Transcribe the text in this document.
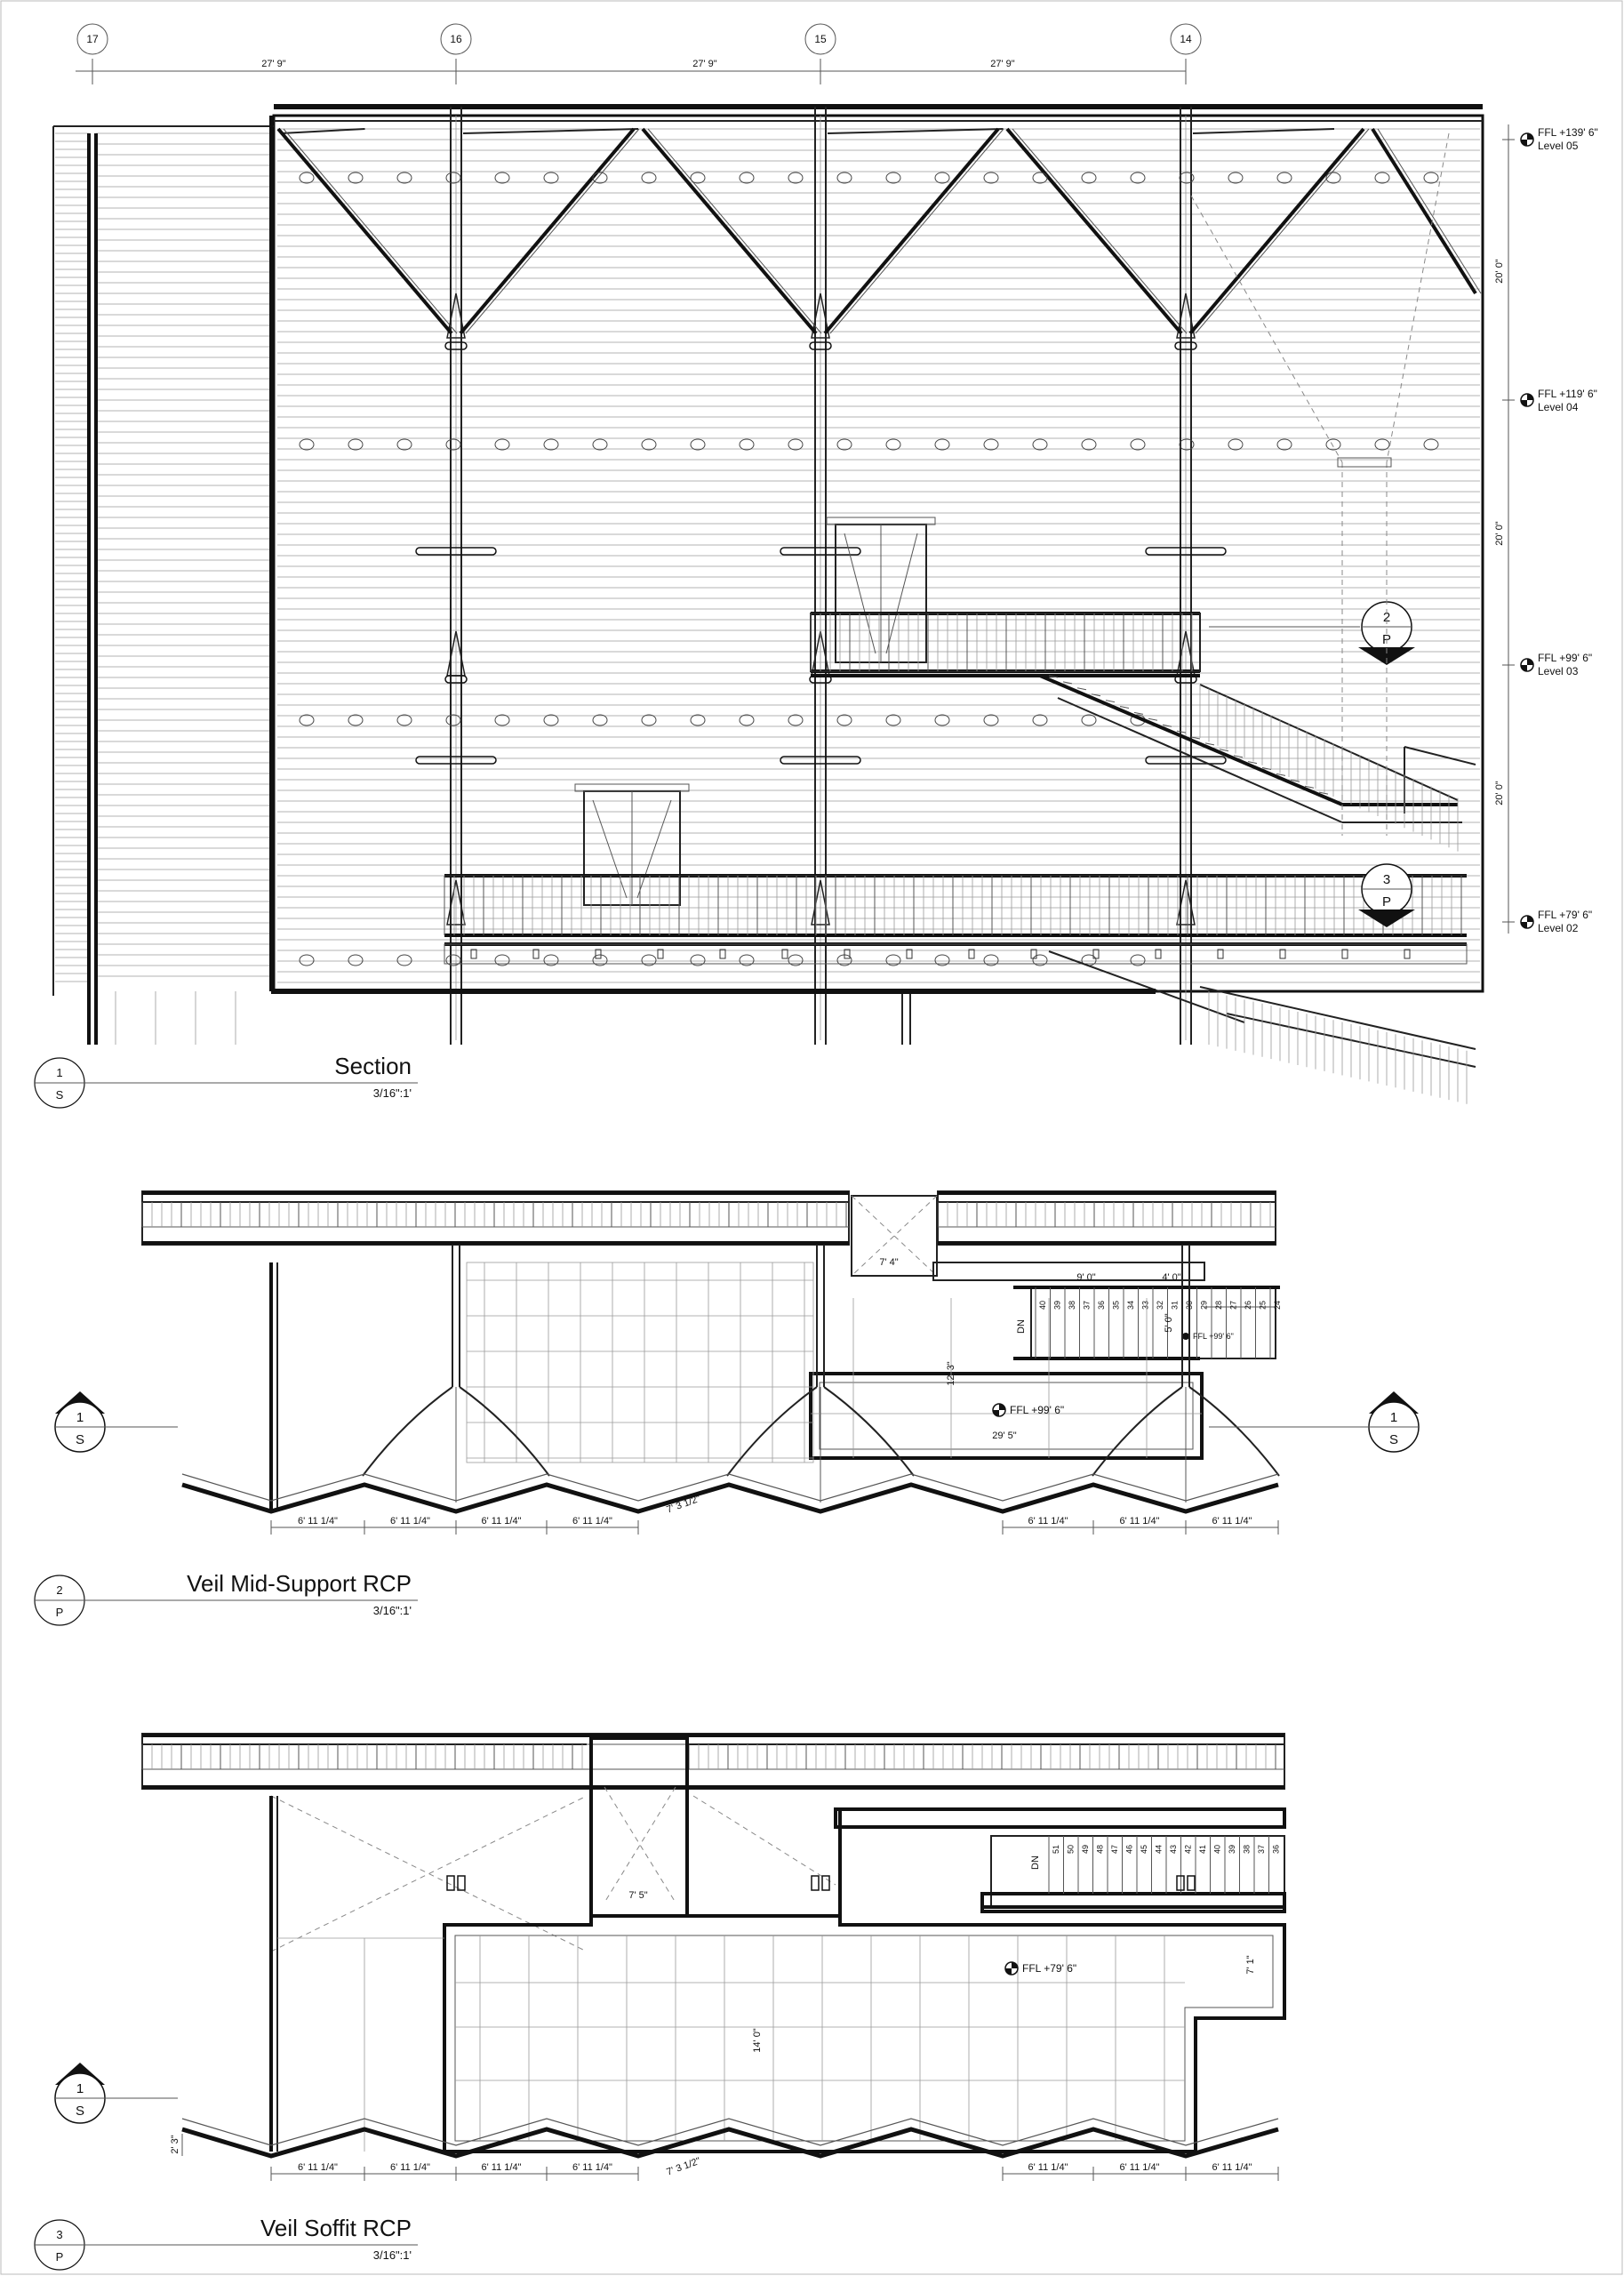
17	16	15	14
27' 9"	27' 9"	27' 9"
20' 0"
20' 0"
20' 0"
FFL +139' 6"
Level 05
FFL +119' 6"
Level 04
FFL +99' 6"
Level 03
FFL +79' 6"
Level 02
2
P
3
P
1
S
Section
3/16":1'
7' 4"
40 39 38 37 36 35 34 33 32 31 30 29 28 27 26 25 24
DN
9' 0"	4' 0"
5' 0"
FFL +99' 6"
12' 3"
FFL +99' 6"
29' 5"
6' 11 1/4"	6' 11 1/4"	6' 11 1/4"	6' 11 1/4"	6' 11 1/4"	6' 11 1/4"	6' 11 1/4"
7' 3 1/2"
1
S
1
S
2
P
Veil Mid-Support RCP
3/16":1'
7' 5"
51 50 49 48 47 46 45 44 43 42 41 40 39 38 37 36
DN
14' 0"
FFL +79' 6"	7' 1"
2' 3"
6' 11 1/4"	6' 11 1/4"	6' 11 1/4"	6' 11 1/4"	6' 11 1/4"	6' 11 1/4"	6' 11 1/4"
7' 3 1/2"
1
S
3
P
Veil Soffit RCP
3/16":1'
